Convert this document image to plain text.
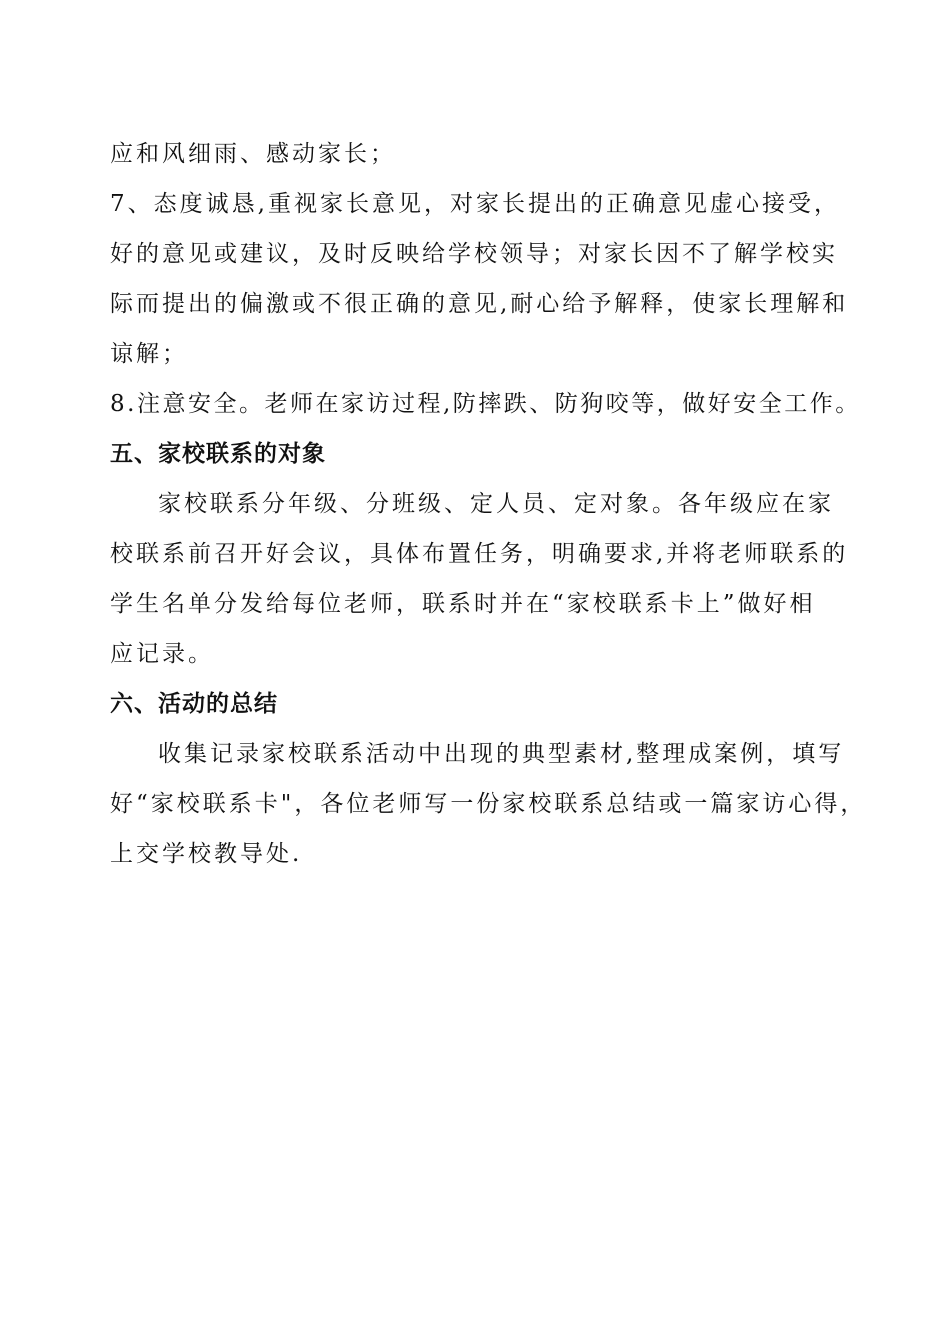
应和风细雨、感动家长；
7、态度诚恳,重视家长意见，对家长提出的正确意见虚心接受，
好的意见或建议，及时反映给学校领导；对家长因不了解学校实
际而提出的偏激或不很正确的意见,耐心给予解释，使家长理解和
谅解；
8.注意安全。老师在家访过程,防摔跌、防狗咬等，做好安全工作。
五、家校联系的对象
家校联系分年级、分班级、定人员、定对象。各年级应在家
校联系前召开好会议，具体布置任务，明确要求,并将老师联系的
学生名单分发给每位老师，联系时并在“家校联系卡上”做好相
应记录。
六、活动的总结
收集记录家校联系活动中出现的典型素材,整理成案例，填写
好“家校联系卡"，各位老师写一份家校联系总结或一篇家访心得，
上交学校教导处.
